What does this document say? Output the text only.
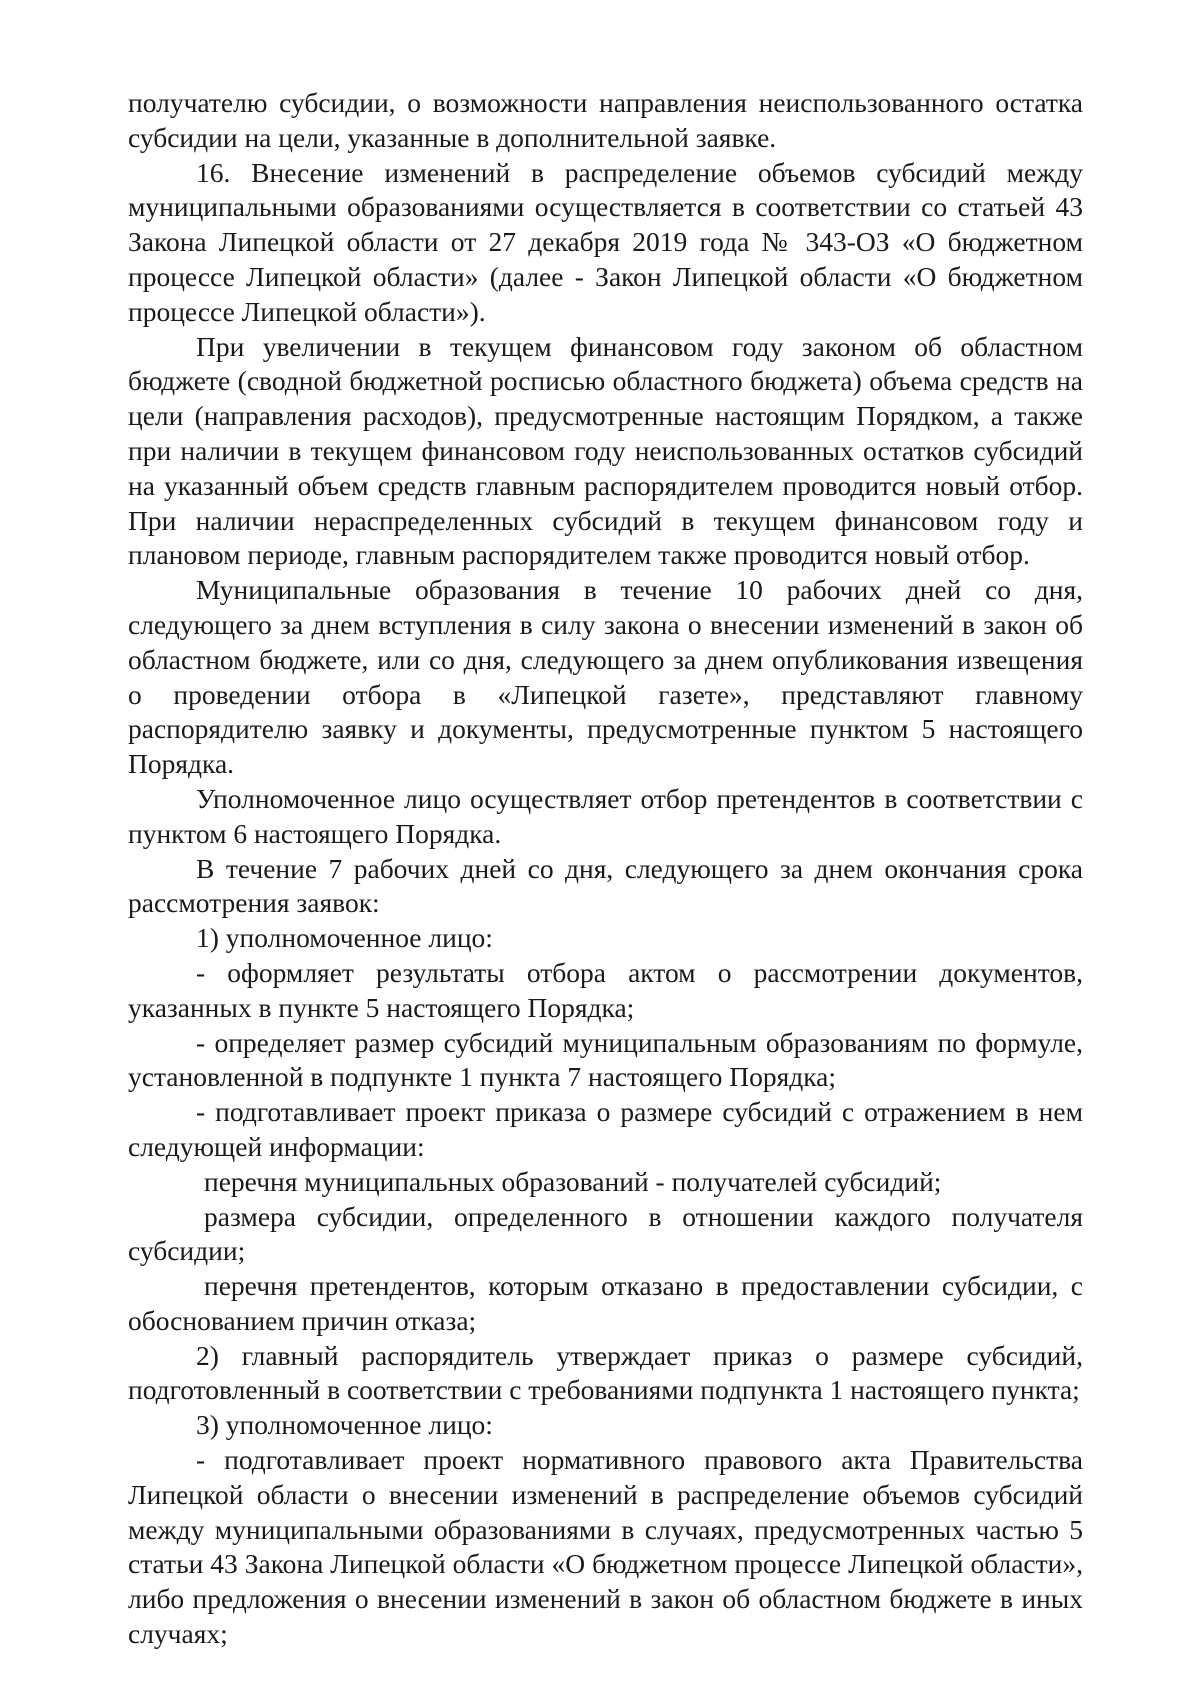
получателю субсидии, о возможности направления неиспользованного остатка субсидии на цели, указанные в дополнительной заявке.

16. Внесение изменений в распределение объемов субсидий между муниципальными образованиями осуществляется в соответствии со статьей 43 Закона Липецкой области от 27 декабря 2019 года № 343-ОЗ «О бюджетном процессе Липецкой области» (далее - Закон Липецкой области «О бюджетном процессе Липецкой области»).

При увеличении в текущем финансовом году законом об областном бюджете (сводной бюджетной росписью областного бюджета) объема средств на цели (направления расходов), предусмотренные настоящим Порядком, а также при наличии в текущем финансовом году неиспользованных остатков субсидий на указанный объем средств главным распорядителем проводится новый отбор. При наличии нераспределенных субсидий в текущем финансовом году и плановом периоде, главным распорядителем также проводится новый отбор.

Муниципальные образования в течение 10 рабочих дней со дня, следующего за днем вступления в силу закона о внесении изменений в закон об областном бюджете, или со дня, следующего за днем опубликования извещения о проведении отбора в «Липецкой газете», представляют главному распорядителю заявку и документы, предусмотренные пунктом 5 настоящего Порядка.

Уполномоченное лицо осуществляет отбор претендентов в соответствии с пунктом 6 настоящего Порядка.

В течение 7 рабочих дней со дня, следующего за днем окончания срока рассмотрения заявок:

1) уполномоченное лицо:

- оформляет результаты отбора актом о рассмотрении документов, указанных в пункте 5 настоящего Порядка;

- определяет размер субсидий муниципальным образованиям по формуле, установленной в подпункте 1 пункта 7 настоящего Порядка;

- подготавливает проект приказа о размере субсидий с отражением в нем следующей информации:

перечня муниципальных образований - получателей субсидий;

размера субсидии, определенного в отношении каждого получателя субсидии;

перечня претендентов, которым отказано в предоставлении субсидии, с обоснованием причин отказа;

2) главный распорядитель утверждает приказ о размере субсидий, подготовленный в соответствии с требованиями подпункта 1 настоящего пункта;

3) уполномоченное лицо:

- подготавливает проект нормативного правового акта Правительства Липецкой области о внесении изменений в распределение объемов субсидий между муниципальными образованиями в случаях, предусмотренных частью 5 статьи 43 Закона Липецкой области «О бюджетном процессе Липецкой области», либо предложения о внесении изменений в закон об областном бюджете в иных случаях;
